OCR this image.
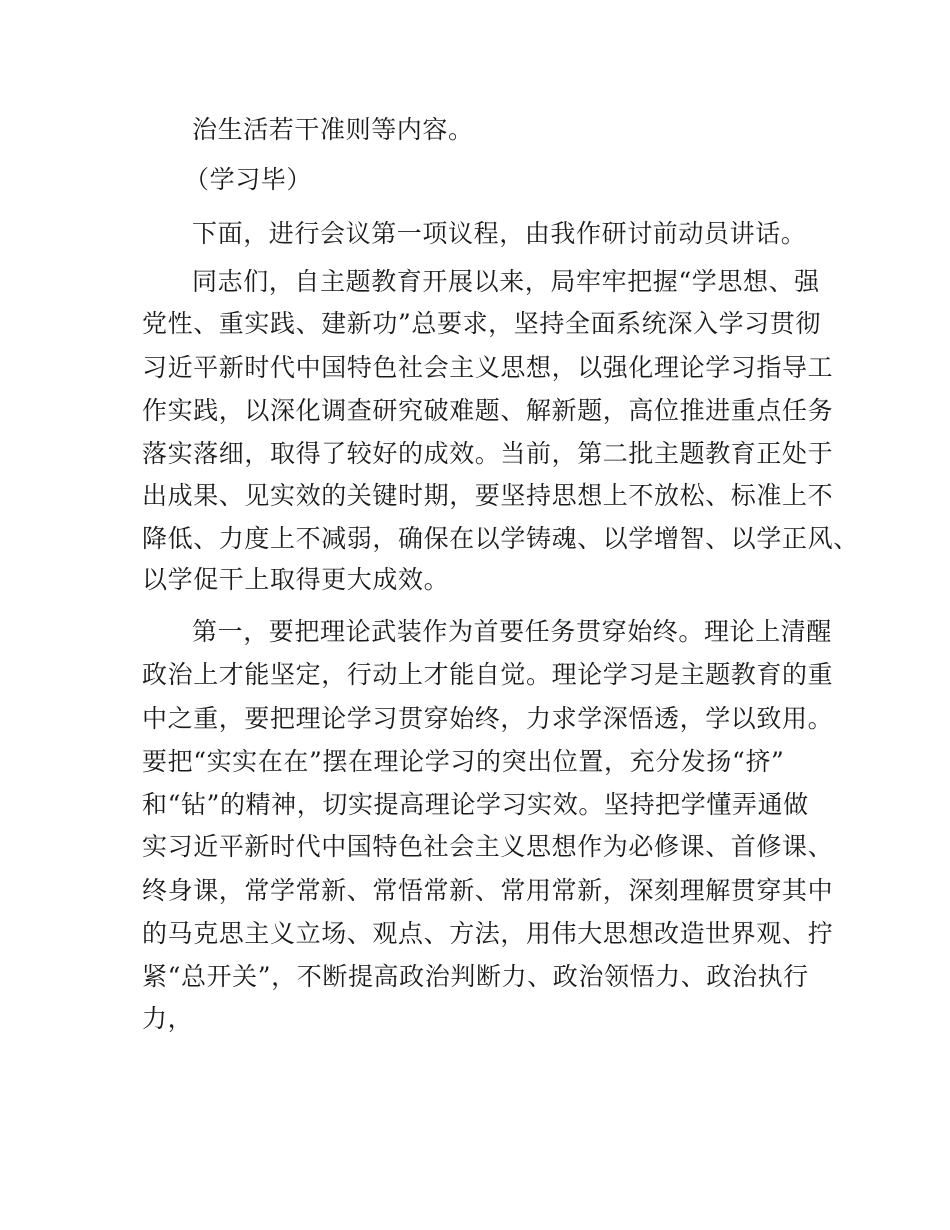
治生活若干准则等内容。

（学习毕）

下面，进行会议第一项议程，由我作研讨前动员讲话。

同志们，自主题教育开展以来，局牢牢把握“学思想、强

党性、重实践、建新功”总要求，坚持全面系统深入学习贯彻

习近平新时代中国特色社会主义思想，以强化理论学习指导工

作实践，以深化调查研究破难题、解新题，高位推进重点任务

落实落细，取得了较好的成效。当前，第二批主题教育正处于

出成果、见实效的关键时期，要坚持思想上不放松、标准上不

降低、力度上不减弱，确保在以学铸魂、以学增智、以学正风、

以学促干上取得更大成效。

第一，要把理论武装作为首要任务贯穿始终。理论上清醒

政治上才能坚定，行动上才能自觉。理论学习是主题教育的重

中之重，要把理论学习贯穿始终，力求学深悟透，学以致用。

要把“实实在在”摆在理论学习的突出位置，充分发扬“挤”

和“钻”的精神，切实提高理论学习实效。坚持把学懂弄通做

实习近平新时代中国特色社会主义思想作为必修课、首修课、

终身课，常学常新、常悟常新、常用常新，深刻理解贯穿其中

的马克思主义立场、观点、方法，用伟大思想改造世界观、拧

紧“总开关”，不断提高政治判断力、政治领悟力、政治执行

力，
